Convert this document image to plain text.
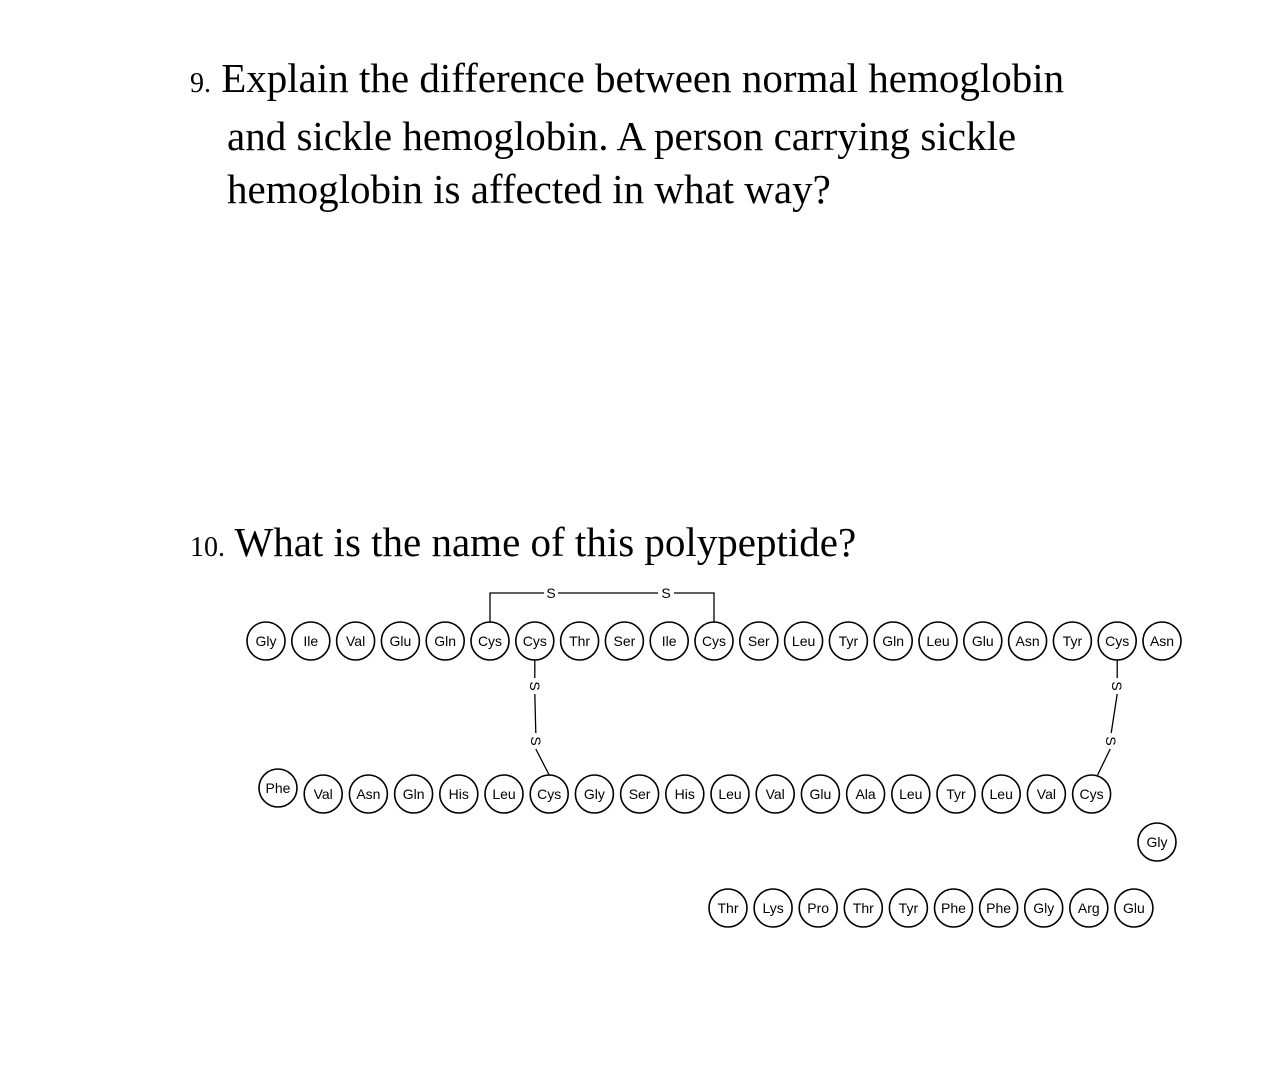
9. Explain the difference between normal hemoglobin
and sickle hemoglobin. A person carrying sickle
hemoglobin is affected in what way?
10. What is the name of this polypeptide?
S	S
S
S
S
S
Gly Ile Val Glu Gln Cys Cys Thr Ser Ile Cys Ser Leu Tyr Gln Leu Glu Asn Tyr Cys Asn
Phe Val Asn Gln His Leu Cys Gly Ser His Leu Val Glu Ala Leu Tyr Leu Val Cys
Gly
Thr Lys Pro Thr Tyr Phe Phe Gly Arg Glu
